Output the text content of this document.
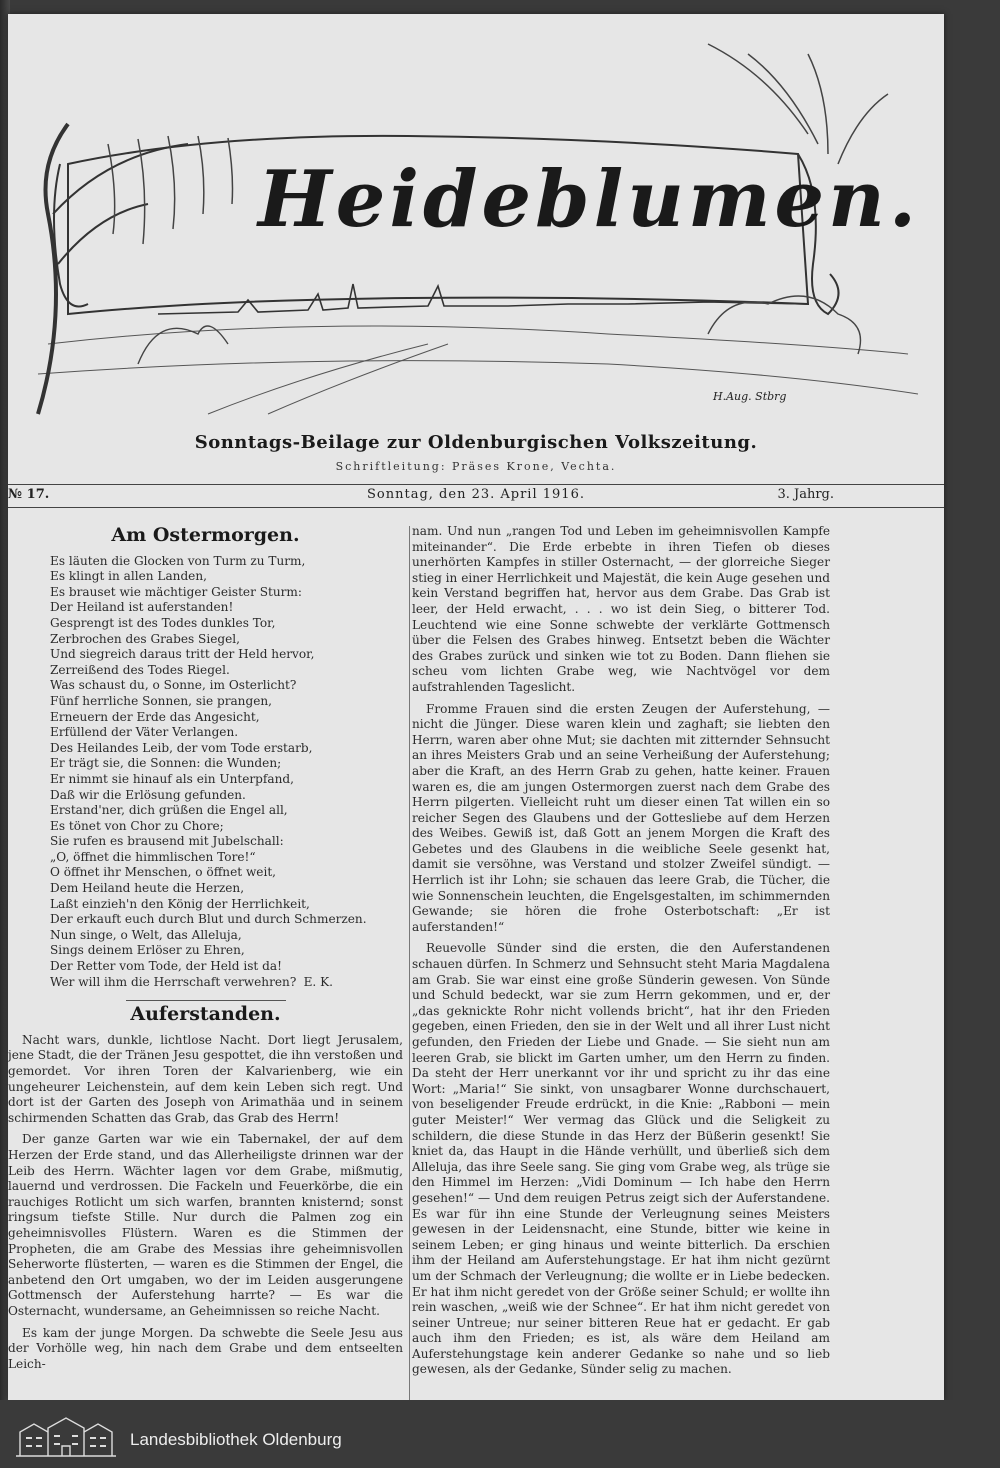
Heideblumen.
H.Aug. Stbrg
Sonntags-Beilage zur Oldenburgischen Volkszeitung.
Schriftleitung: Präses Krone, Vechta.
№ 17.	Sonntag, den 23. April 1916.	3. Jahrg.
Am Ostermorgen.
Es läuten die Glocken von Turm zu Turm,
Es klingt in allen Landen,
Es brauset wie mächtiger Geister Sturm:
Der Heiland ist auferstanden!
Gesprengt ist des Todes dunkles Tor,
Zerbrochen des Grabes Siegel,
Und siegreich daraus tritt der Held hervor,
Zerreißend des Todes Riegel.
Was schaust du, o Sonne, im Osterlicht?
Fünf herrliche Sonnen, sie prangen,
Erneuern der Erde das Angesicht,
Erfüllend der Väter Verlangen.
Des Heilandes Leib, der vom Tode erstarb,
Er trägt sie, die Sonnen: die Wunden;
Er nimmt sie hinauf als ein Unterpfand,
Daß wir die Erlösung gefunden.
Erstand'ner, dich grüßen die Engel all,
Es tönet von Chor zu Chore;
Sie rufen es brausend mit Jubelschall:
„O, öffnet die himmlischen Tore!“
O öffnet ihr Menschen, o öffnet weit,
Dem Heiland heute die Herzen,
Laßt einzieh'n den König der Herrlichkeit,
Der erkauft euch durch Blut und durch Schmerzen.
Nun singe, o Welt, das Alleluja,
Sings deinem Erlöser zu Ehren,
Der Retter vom Tode, der Held ist da!
Wer will ihm die Herrschaft verwehren? E. K.
Auferstanden.

Nacht wars, dunkle, lichtlose Nacht. Dort liegt Jerusalem, jene Stadt, die der Tränen Jesu gespottet, die ihn verstoßen und gemordet. Vor ihren Toren der Kalvarienberg, wie ein ungeheurer Leichenstein, auf dem kein Leben sich regt. Und dort ist der Garten des Joseph von Arimathäa und in seinem schirmenden Schatten das Grab, das Grab des Herrn!

Der ganze Garten war wie ein Tabernakel, der auf dem Herzen der Erde stand, und das Allerheiligste drinnen war der Leib des Herrn. Wächter lagen vor dem Grabe, mißmutig, lauernd und verdrossen. Die Fackeln und Feuerkörbe, die ein rauchiges Rotlicht um sich warfen, brannten knisternd; sonst ringsum tiefste Stille. Nur durch die Palmen zog ein geheimnisvolles Flüstern. Waren es die Stimmen der Propheten, die am Grabe des Messias ihre geheimnisvollen Seherworte flüsterten, — waren es die Stimmen der Engel, die anbetend den Ort umgaben, wo der im Leiden ausgerungene Gottmensch der Auferstehung harrte? — Es war die Osternacht, wundersame, an Geheimnissen so reiche Nacht.

Es kam der junge Morgen. Da schwebte die Seele Jesu aus der Vorhölle weg, hin nach dem Grabe und dem entseelten Leich-

nam. Und nun „rangen Tod und Leben im geheimnisvollen Kampfe miteinander“. Die Erde erbebte in ihren Tiefen ob dieses unerhörten Kampfes in stiller Osternacht, — der glorreiche Sieger stieg in einer Herrlichkeit und Majestät, die kein Auge gesehen und kein Verstand begriffen hat, hervor aus dem Grabe. Das Grab ist leer, der Held erwacht, . . . wo ist dein Sieg, o bitterer Tod. Leuchtend wie eine Sonne schwebte der verklärte Gottmensch über die Felsen des Grabes hinweg. Entsetzt beben die Wächter des Grabes zurück und sinken wie tot zu Boden. Dann fliehen sie scheu vom lichten Grabe weg, wie Nachtvögel vor dem aufstrahlenden Tageslicht.

Fromme Frauen sind die ersten Zeugen der Auferstehung, — nicht die Jünger. Diese waren klein und zaghaft; sie liebten den Herrn, waren aber ohne Mut; sie dachten mit zitternder Sehnsucht an ihres Meisters Grab und an seine Verheißung der Auferstehung; aber die Kraft, an des Herrn Grab zu gehen, hatte keiner. Frauen waren es, die am jungen Ostermorgen zuerst nach dem Grabe des Herrn pilgerten. Vielleicht ruht um dieser einen Tat willen ein so reicher Segen des Glaubens und der Gottesliebe auf dem Herzen des Weibes. Gewiß ist, daß Gott an jenem Morgen die Kraft des Gebetes und des Glaubens in die weibliche Seele gesenkt hat, damit sie versöhne, was Verstand und stolzer Zweifel sündigt. — Herrlich ist ihr Lohn; sie schauen das leere Grab, die Tücher, die wie Sonnenschein leuchten, die Engelsgestalten, im schimmernden Gewande; sie hören die frohe Osterbotschaft: „Er ist auferstanden!“

Reuevolle Sünder sind die ersten, die den Auferstandenen schauen dürfen. In Schmerz und Sehnsucht steht Maria Magdalena am Grab. Sie war einst eine große Sünderin gewesen. Von Sünde und Schuld bedeckt, war sie zum Herrn gekommen, und er, der „das geknickte Rohr nicht vollends bricht“, hat ihr den Frieden gegeben, einen Frieden, den sie in der Welt und all ihrer Lust nicht gefunden, den Frieden der Liebe und Gnade. — Sie sieht nun am leeren Grab, sie blickt im Garten umher, um den Herrn zu finden. Da steht der Herr unerkannt vor ihr und spricht zu ihr das eine Wort: „Maria!“ Sie sinkt, von unsagbarer Wonne durchschauert, von beseligender Freude erdrückt, in die Knie: „Rabboni — mein guter Meister!“ Wer vermag das Glück und die Seligkeit zu schildern, die diese Stunde in das Herz der Büßerin gesenkt! Sie kniet da, das Haupt in die Hände verhüllt, und überließ sich dem Alleluja, das ihre Seele sang. Sie ging vom Grabe weg, als trüge sie den Himmel im Herzen: „Vidi Dominum — Ich habe den Herrn gesehen!“ — Und dem reuigen Petrus zeigt sich der Auferstandene. Es war für ihn eine Stunde der Verleugnung seines Meisters gewesen in der Leidensnacht, eine Stunde, bitter wie keine in seinem Leben; er ging hinaus und weinte bitterlich. Da erschien ihm der Heiland am Auferstehungstage. Er hat ihm nicht gezürnt um der Schmach der Verleugnung; die wollte er in Liebe bedecken. Er hat ihm nicht geredet von der Größe seiner Schuld; er wollte ihn rein waschen, „weiß wie der Schnee“. Er hat ihm nicht geredet von seiner Untreue; nur seiner bitteren Reue hat er gedacht. Er gab auch ihm den Frieden; es ist, als wäre dem Heiland am Auferstehungstage kein anderer Gedanke so nahe und so lieb gewesen, als der Gedanke, Sünder selig zu machen.

Landesbibliothek Oldenburg
